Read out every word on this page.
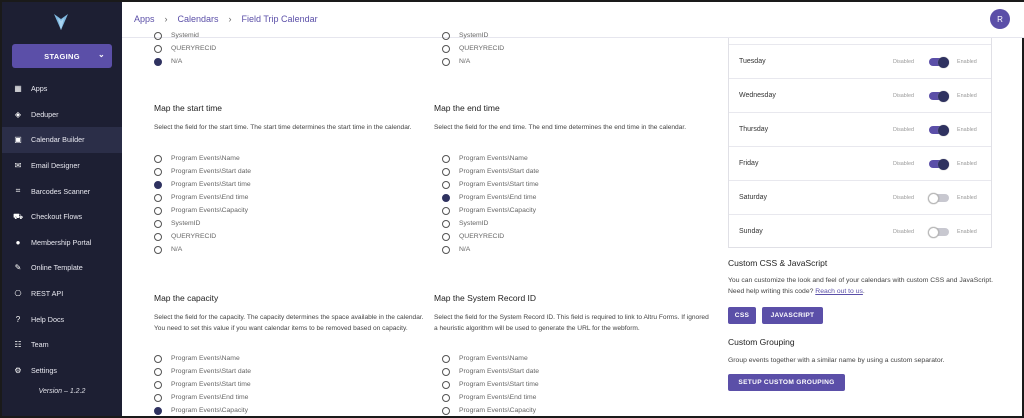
STAGING ⌄
▦ Apps
◈ Deduper
▣ Calendar Builder
✉ Email Designer
⌗	Barcodes Scanner
⛟ Checkout Flows
●	Membership Portal
✎ Online Template
⎔ REST API
?	Help Docs
☷ Team
⚙ Settings
Version – 1.2.2
Apps › Calendars › Field Trip Calendar	R
Systemid
QUERYRECID
N/A
SystemID
QUERYRECID
N/A
Map the start time
Select the field for the start time. The start time determines the start time in the calendar.
Program Events\Name
Program Events\Start date
Program Events\Start time
Program Events\End time
Program Events\Capacity
SystemID
QUERYRECID
N/A
Map the end time
Select the field for the end time. The end time determines the end time in the calendar.
Program Events\Name
Program Events\Start date
Program Events\Start time
Program Events\End time
Program Events\Capacity
SystemID
QUERYRECID
N/A
Map the capacity
Select the field for the capacity. The capacity determines the space available in the calendar. You need to set this value if you want calendar items to be removed based on capacity.
Program Events\Name
Program Events\Start date
Program Events\Start time
Program Events\End time
Program Events\Capacity
Map the System Record ID
Select the field for the System Record ID. This field is required to link to Altru Forms. If ignored a heuristic algorithm will be used to generate the URL for the webform.
Program Events\Name
Program Events\Start date
Program Events\Start time
Program Events\End time
Program Events\Capacity
Tuesday	Disabled	Enabled
Wednesday	Disabled	Enabled
Thursday	Disabled	Enabled
Friday	Disabled	Enabled
Saturday	Disabled	Enabled
Sunday	Disabled	Enabled
Custom CSS & JavaScript
You can customize the look and feel of your calendars with custom CSS and JavaScript. Need help writing this code? Reach out to us.
CSS	JAVASCRIPT
Custom Grouping
Group events together with a similar name by using a custom separator.
SETUP CUSTOM GROUPING
